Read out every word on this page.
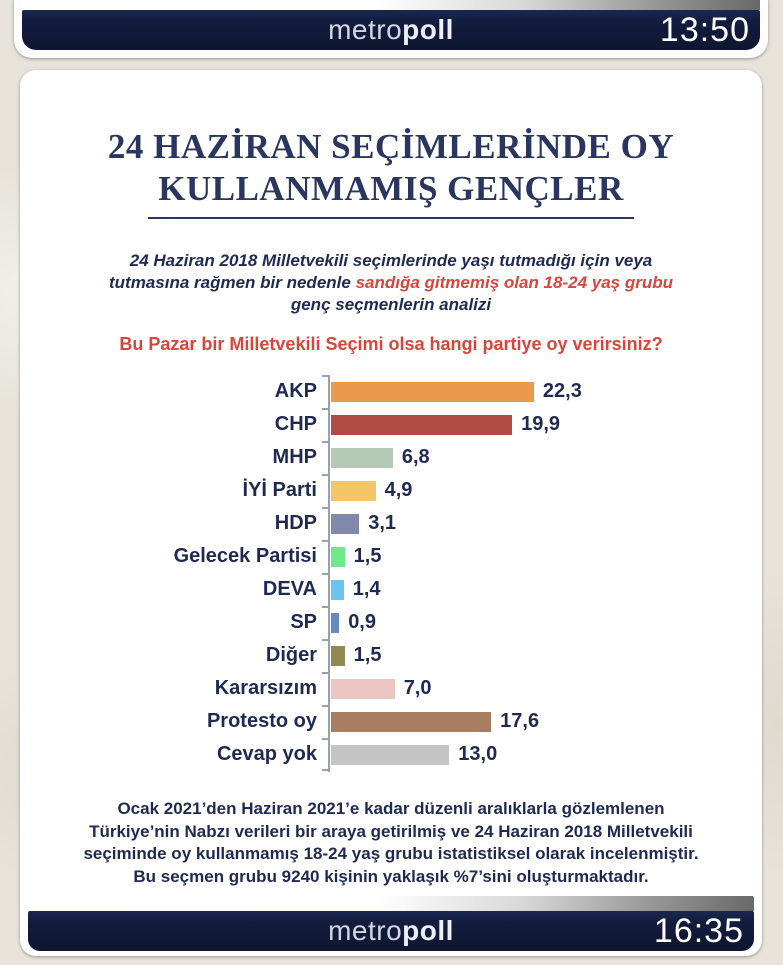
metropoll	13:50
24 HAZİRAN SEÇİMLERİNDE OY
KULLANMAMIŞ GENÇLER
24 Haziran 2018 Milletvekili seçimlerinde yaşı tutmadığı için veya
tutmasına rağmen bir nedenle sandığa gitmemiş olan 18-24 yaş grubu
genç seçmenlerin analizi
Bu Pazar bir Milletvekili Seçimi olsa hangi partiye oy verirsiniz?
AKP	22,3
CHP	19,9
MHP	6,8
İYİ Parti	4,9
HDP	3,1
Gelecek Partisi 1,5
DEVA 1,4
SP 0,9
Diğer 1,5
Kararsızım	7,0
Protesto oy	17,6
Cevap yok	13,0
Ocak 2021’den Haziran 2021’e kadar düzenli aralıklarla gözlemlenen
Türkiye’nin Nabzı verileri bir araya getirilmiş ve 24 Haziran 2018 Milletvekili
seçiminde oy kullanmamış 18-24 yaş grubu istatistiksel olarak incelenmiştir.
Bu seçmen grubu 9240 kişinin yaklaşık %7’sini oluşturmaktadır.
metropoll	16:35
